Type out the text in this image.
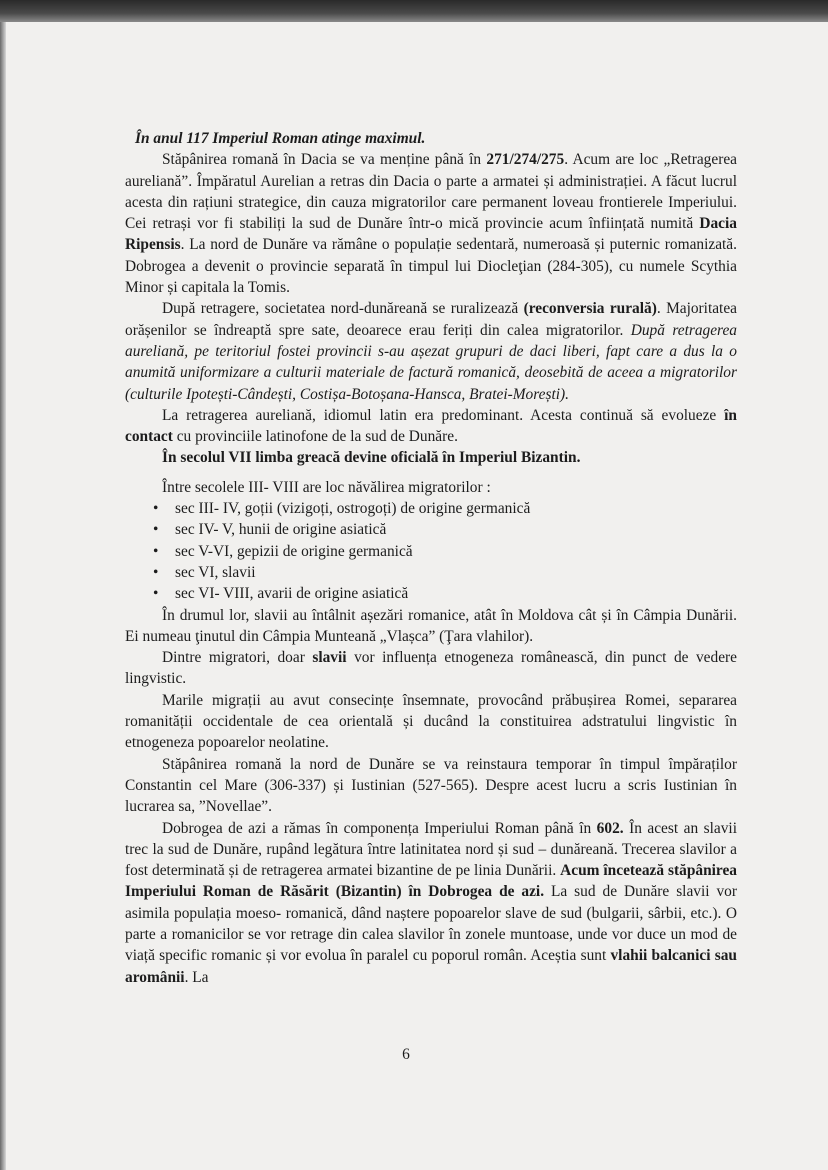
În anul 117 Imperiul Roman atinge maximul.

Stăpânirea romană în Dacia se va menține până în 271/274/275. Acum are loc „Retragerea aureliană”. Împăratul Aurelian a retras din Dacia o parte a armatei și administrației. A făcut lucrul acesta din rațiuni strategice, din cauza migratorilor care permanent loveau frontierele Imperiului. Cei retrași vor fi stabiliți la sud de Dunăre într-o mică provincie acum înființată numită Dacia Ripensis. La nord de Dunăre va rămâne o populație sedentară, numeroasă și puternic romanizată. Dobrogea a devenit o provincie separată în timpul lui Diocleţian (284-305), cu numele Scythia Minor și capitala la Tomis.

După retragere, societatea nord-dunăreană se ruralizează (reconversia rurală). Majoritatea orășenilor se îndreaptă spre sate, deoarece erau feriți din calea migratorilor. După retragerea aureliană, pe teritoriul fostei provincii s-au așezat grupuri de daci liberi, fapt care a dus la o anumită uniformizare a culturii materiale de factură romanică, deosebită de aceea a migratorilor (culturile Ipotești-Cândești, Costișa-Botoșana-Hansca, Bratei-Morești).

La retragerea aureliană, idiomul latin era predominant. Acesta continuă să evolueze în contact cu provinciile latinofone de la sud de Dunăre.

În secolul VII limba greacă devine oficială în Imperiul Bizantin.

Între secolele III- VIII are loc năvălirea migratorilor :

• sec III- IV, goții (vizigoți, ostrogoți) de origine germanică
• sec IV- V, hunii de origine asiatică
• sec V-VI, gepizii de origine germanică
• sec VI, slavii
• sec VI- VIII, avarii de origine asiatică

În drumul lor, slavii au întâlnit așezări romanice, atât în Moldova cât și în Câmpia Dunării. Ei numeau ţinutul din Câmpia Munteană „Vlașca” (Ţara vlahilor).

Dintre migratori, doar slavii vor influența etnogeneza românească, din punct de vedere lingvistic.

Marile migrații au avut consecințe însemnate, provocând prăbușirea Romei, separarea romanității occidentale de cea orientală și ducând la constituirea adstratului lingvistic în etnogeneza popoarelor neolatine.

Stăpânirea romană la nord de Dunăre se va reinstaura temporar în timpul împăraților Constantin cel Mare (306-337) și Iustinian (527-565). Despre acest lucru a scris Iustinian în lucrarea sa, ”Novellae”.

Dobrogea de azi a rămas în componența Imperiului Roman până în 602. În acest an slavii trec la sud de Dunăre, rupând legătura între latinitatea nord și sud – dunăreană. Trecerea slavilor a fost determinată și de retragerea armatei bizantine de pe linia Dunării. Acum încetează stăpânirea Imperiului Roman de Răsărit (Bizantin) în Dobrogea de azi. La sud de Dunăre slavii vor asimila populația moeso- romanică, dând naștere popoarelor slave de sud (bulgarii, sârbii, etc.). O parte a romanicilor se vor retrage din calea slavilor în zonele muntoase, unde vor duce un mod de viață specific romanic și vor evolua în paralel cu poporul român. Aceștia sunt vlahii balcanici sau aromânii. La

6
